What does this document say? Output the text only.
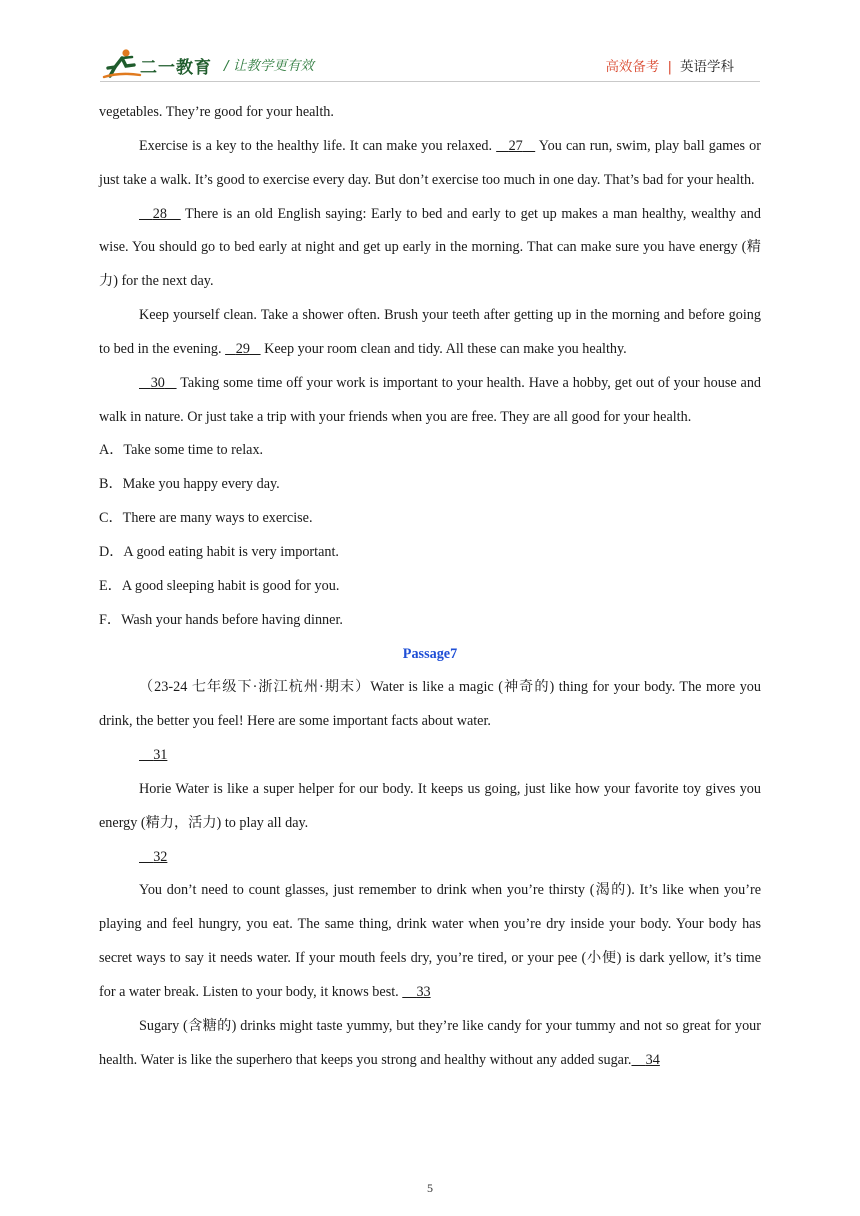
二一教育 / 让教学更有效	高效备考 | 英语学科

vegetables. They’re good for your health.

Exercise is a key to the healthy life. It can make you relaxed.    27    You can run, swim, play ball games or just take a walk. It’s good to exercise every day. But don’t exercise too much in one day. That’s bad for your health.

28    There is an old English saying: Early to bed and early to get up makes a man healthy, wealthy and wise. You should go to bed early at night and get up early in the morning. That can make sure you have energy (精力) for the next day.

Keep yourself clean. Take a shower often. Brush your teeth after getting up in the morning and before going to bed in the evening.    29    Keep your room clean and tidy. All these can make you healthy.

30    Taking some time off your work is important to your health. Have a hobby, get out of your house and walk in nature. Or just take a trip with your friends when you are free. They are all good for your health.

A．Take some time to relax.

B．Make you happy every day.

C．There are many ways to exercise.

D．A good eating habit is very important.

E．A good sleeping habit is good for you.

F．Wash your hands before having dinner.

Passage7

（23-24 七年级下·浙江杭州·期末）Water is like a magic (神奇的) thing for your body. The more you drink, the better you feel! Here are some important facts about water.

31

Horie Water is like a super helper for our body. It keeps us going, just like how your favorite toy gives you energy (精力，活力) to play all day.

32

You don’t need to count glasses, just remember to drink when you’re thirsty (渴的). It’s like when you’re playing and feel hungry, you eat. The same thing, drink water when you’re dry inside your body. Your body has secret ways to say it needs water. If your mouth feels dry, you’re tired, or your pee (小便) is dark yellow, it’s time for a water break. Listen to your body, it knows best.     33

Sugary (含糖的) drinks might taste yummy, but they’re like candy for your tummy and not so great for your health. Water is like the superhero that keeps you strong and healthy without any added sugar. 34

5
